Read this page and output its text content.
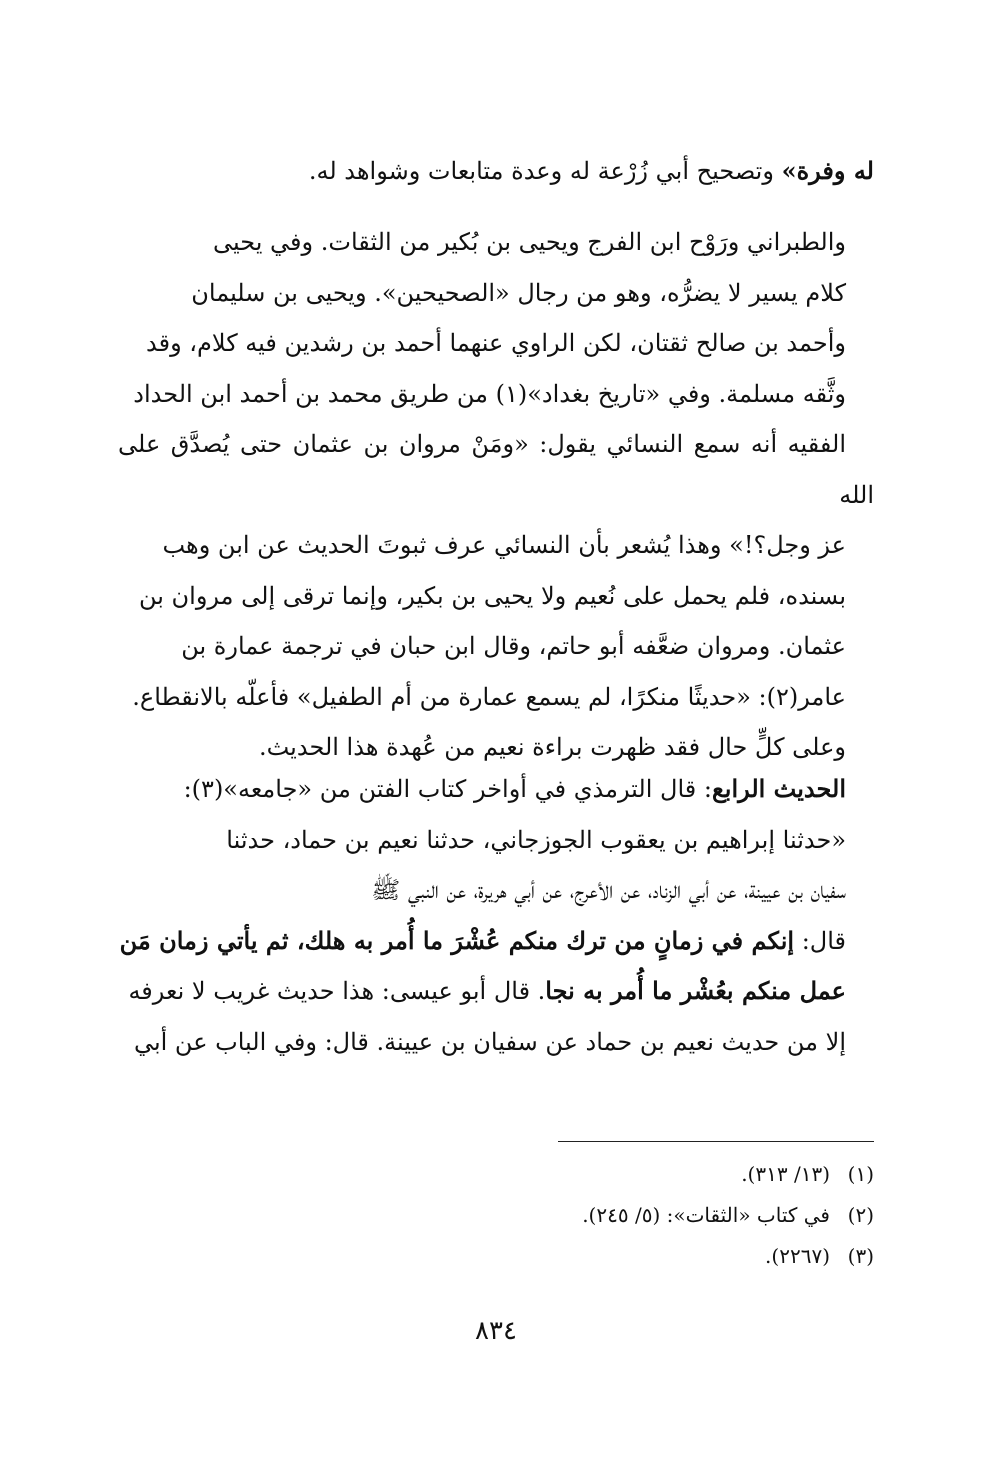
له وفرة» وتصحيح أبي زُرْعة له وعدة متابعات وشواهد له.

والطبراني ورَوْح ابن الفرج ويحيى بن بُكير من الثقات. وفي يحيى
كلام يسير لا يضرُّه، وهو من رجال «الصحيحين». ويحيى بن سليمان
وأحمد بن صالح ثقتان، لكن الراوي عنهما أحمد بن رشدين فيه كلام، وقد
وثَّقه مسلمة. وفي «تاريخ بغداد»(١) من طريق محمد بن أحمد ابن الحداد
الفقيه أنه سمع النسائي يقول: «ومَنْ مروان بن عثمان حتى يُصدَّق على الله
عز وجل؟!» وهذا يُشعر بأن النسائي عرف ثبوتَ الحديث عن ابن وهب
بسنده، فلم يحمل على نُعيم ولا يحيى بن بكير، وإنما ترقى إلى مروان بن
عثمان. ومروان ضعَّفه أبو حاتم، وقال ابن حبان في ترجمة عمارة بن
عامر(٢): «حديثًا منكرًا، لم يسمع عمارة من أم الطفيل» فأعلّه بالانقطاع.
وعلى كلٍّ حال فقد ظهرت براءة نعيم من عُهدة هذا الحديث.

الحديث الرابع: قال الترمذي في أواخر كتاب الفتن من «جامعه»(٣):
«حدثنا إبراهيم بن يعقوب الجوزجاني، حدثنا نعيم بن حماد، حدثنا
سفيان بن عيينة، عن أبي الزناد، عن الأعرج، عن أبي هريرة، عن النبي ﷺ
قال: إنكم في زمانٍ من ترك منكم عُشْرَ ما أُمر به هلك، ثم يأتي زمان مَن
عمل منكم بعُشْر ما أُمر به نجا. قال أبو عيسى: هذا حديث غريب لا نعرفه
إلا من حديث نعيم بن حماد عن سفيان بن عيينة. قال: وفي الباب عن أبي

(١)(١٣/ ٣١٣).
(٢)في كتاب «الثقات»: (٥/ ٢٤٥).
(٣)(٢٢٦٧).
٨٣٤
